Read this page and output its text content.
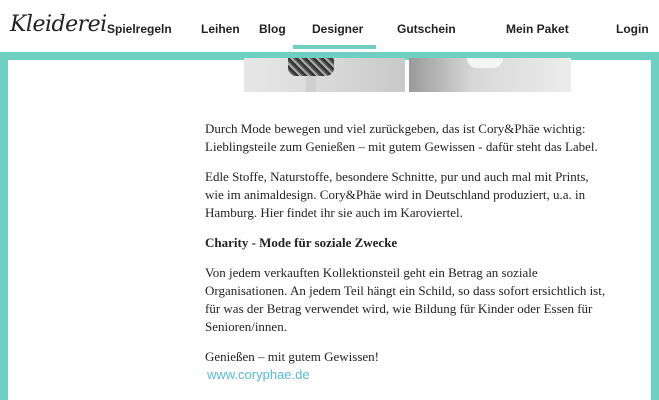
Kleiderei Spielregeln Leihen Blog Designer	Gutschein	Mein Paket	Login

Durch Mode bewegen und viel zurückgeben, das ist Cory&Phäe wichtig: Lieblingsteile zum Genießen – mit gutem Gewissen - dafür steht das Label.

Edle Stoffe, Naturstoffe, besondere Schnitte, pur und auch mal mit Prints, wie im animaldesign. Cory&Phäe wird in Deutschland produziert, u.a. in Hamburg. Hier findet ihr sie auch im Karoviertel.

Charity - Mode für soziale Zwecke

Von jedem verkauften Kollektionsteil geht ein Betrag an soziale Organisationen. An jedem Teil hängt ein Schild, so dass sofort ersichtlich ist, für was der Betrag verwendet wird, wie Bildung für Kinder oder Essen für Senioren/innen.

Genießen – mit gutem Gewissen!

www.coryphae.de
